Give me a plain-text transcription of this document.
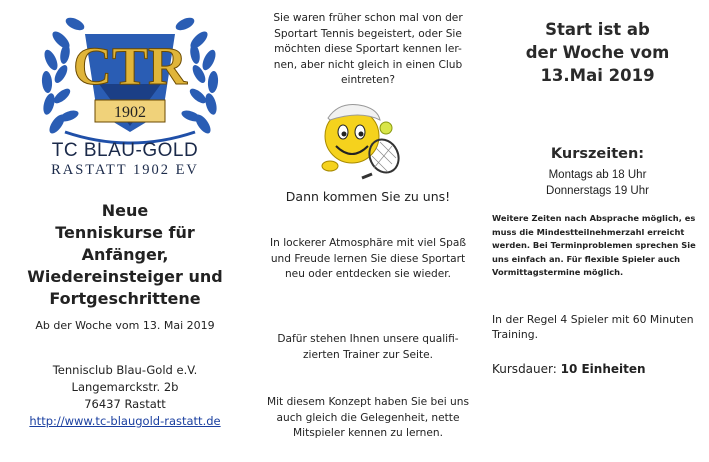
CTR
1902
TC BLAU-GOLD
RASTATT 1902 EV
Neue
Tenniskurse für
Anfänger,
Wiedereinsteiger und
Fortgeschrittene
Ab der Woche vom 13. Mai 2019
Tennisclub Blau-Gold e.V.
Langemarckstr. 2b
76437 Rastatt
http://www.tc-blaugold-rastatt.de
Sie waren früher schon mal von der
Sportart Tennis begeistert, oder Sie
möchten diese Sportart kennen ler-
nen, aber nicht gleich in einen Club
eintreten?
Dann kommen Sie zu uns!
In lockerer Atmosphäre mit viel Spaß
und Freude lernen Sie diese Sportart
neu oder entdecken sie wieder.
Dafür stehen Ihnen unsere qualifi-
zierten Trainer zur Seite.
Mit diesem Konzept haben Sie bei uns
auch gleich die Gelegenheit, nette
Mitspieler kennen zu lernen.
Start ist ab
der Woche vom
13.Mai 2019
Kurszeiten:
Montags ab 18 Uhr
Donnerstags 19 Uhr
Weitere Zeiten nach Absprache möglich, es
muss die Mindestteilnehmerzahl erreicht
werden. Bei Terminproblemen sprechen Sie
uns einfach an. Für flexible Spieler auch
Vormittagstermine möglich.
In der Regel 4 Spieler mit 60 Minuten
Training.
Kursdauer: 10 Einheiten
